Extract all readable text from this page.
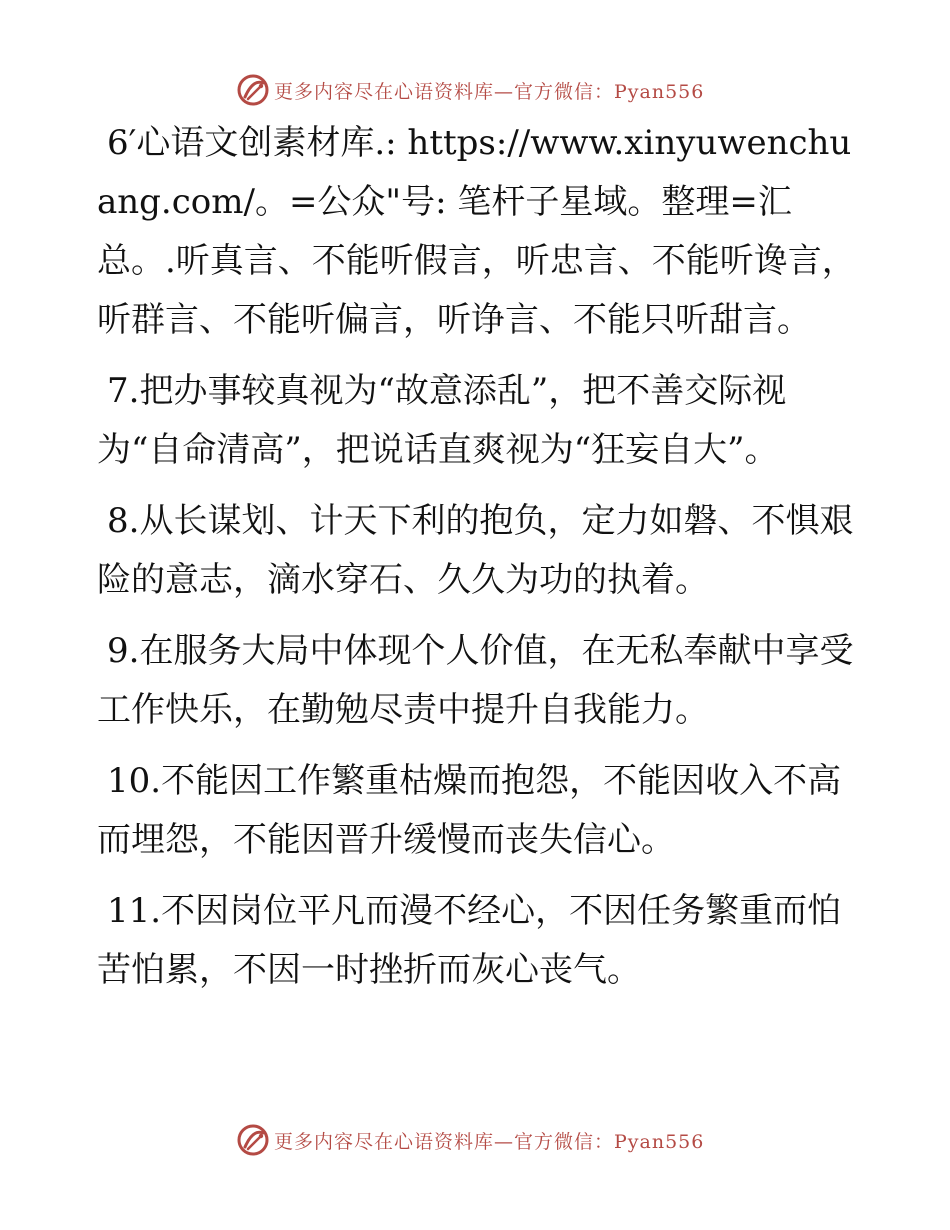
更多内容尽在心语资料库—官方微信：Pyan556

6′心语文创素材库.: https://www.xinyuwenchuang.com/。=公众"号: 笔杆子星域。整理=汇总。.听真言、不能听假言，听忠言、不能听谗言，听群言、不能听偏言，听诤言、不能只听甜言。

7.把办事较真视为“故意添乱”，把不善交际视为“自命清高”，把说话直爽视为“狂妄自大”。

8.从长谋划、计天下利的抱负，定力如磐、不惧艰险的意志，滴水穿石、久久为功的执着。

9.在服务大局中体现个人价值，在无私奉献中享受工作快乐，在勤勉尽责中提升自我能力。

10.不能因工作繁重枯燥而抱怨，不能因收入不高而埋怨，不能因晋升缓慢而丧失信心。

11.不因岗位平凡而漫不经心，不因任务繁重而怕苦怕累，不因一时挫折而灰心丧气。

更多内容尽在心语资料库—官方微信：Pyan556
